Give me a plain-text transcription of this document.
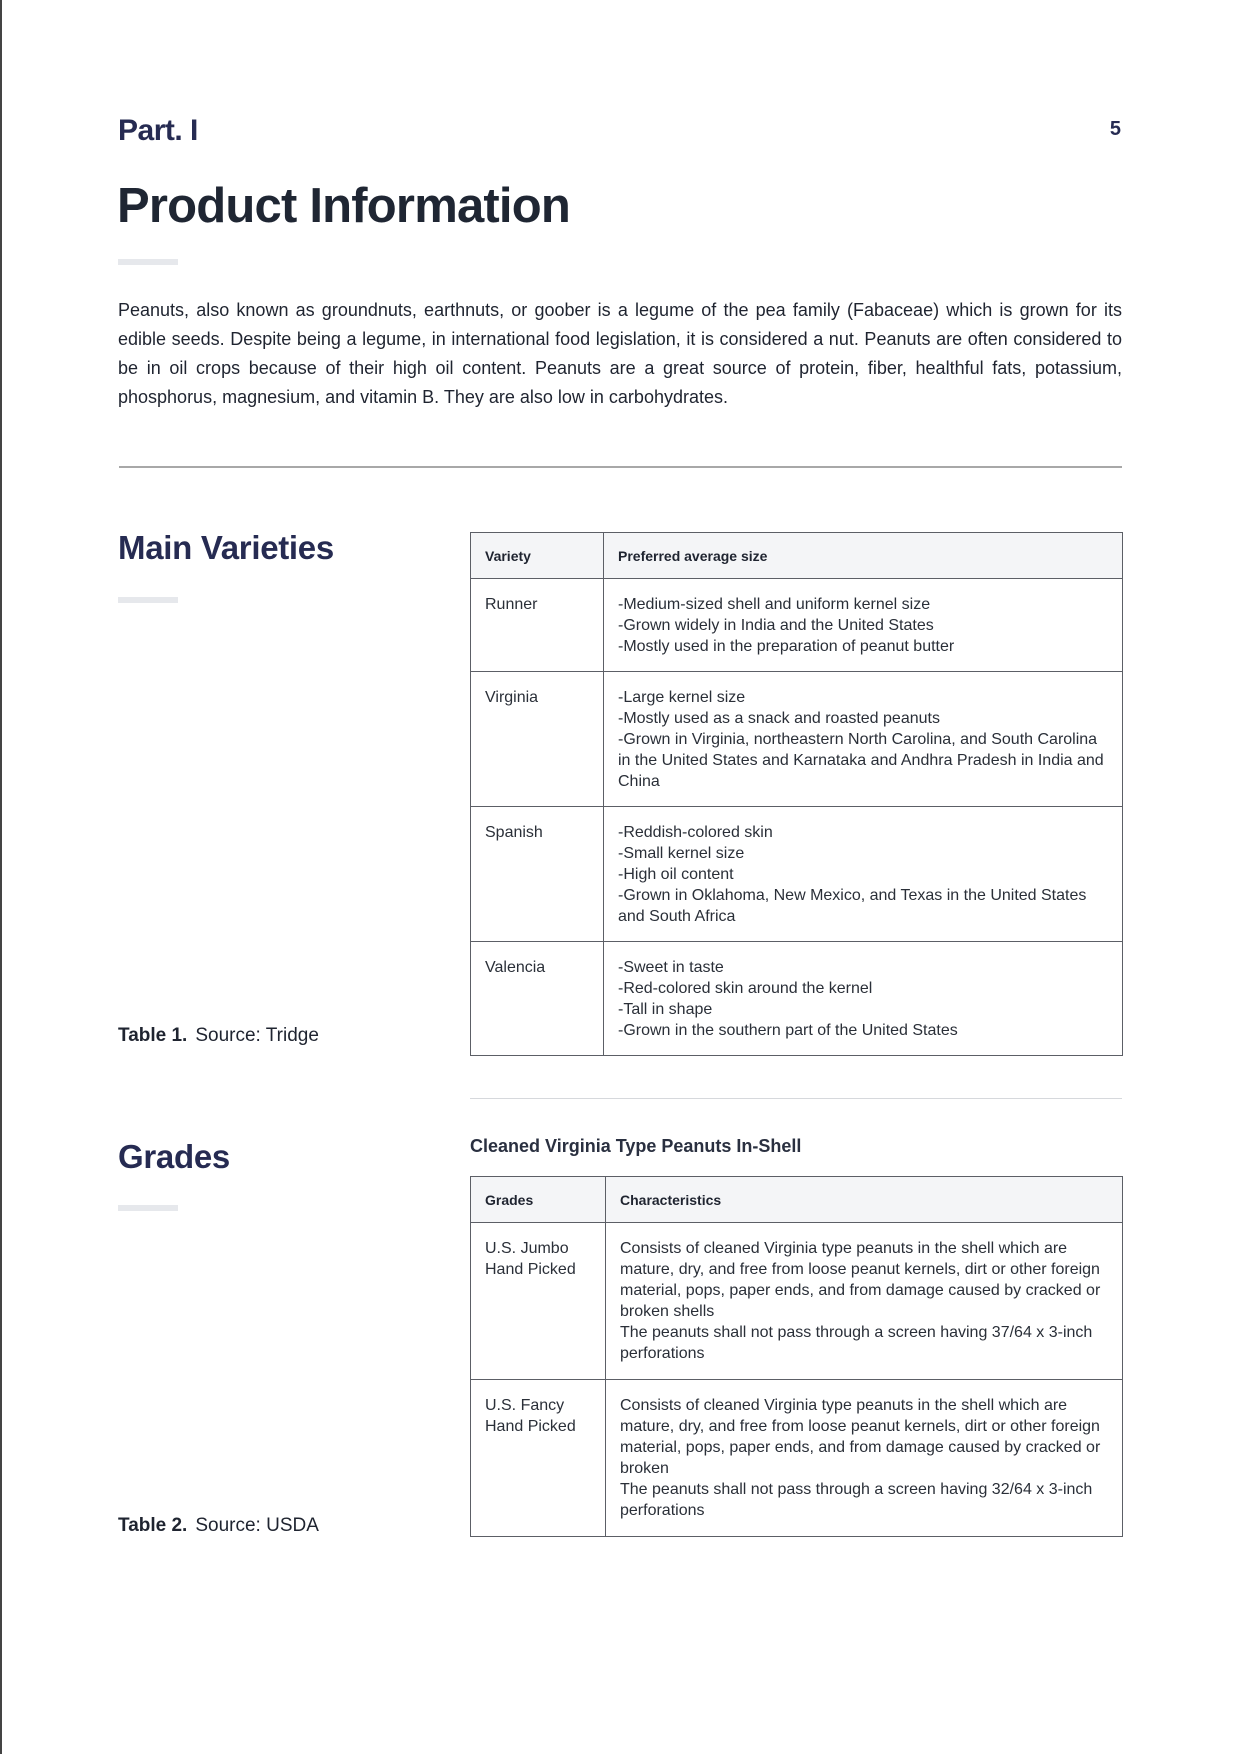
Part. I	5
Product Information

Peanuts, also known as groundnuts, earthnuts, or goober is a legume of the pea family (Fabaceae) which is grown for its edible seeds. Despite being a legume, in international food legislation, it is considered a nut. Peanuts are often considered to be in oil crops because of their high oil content. Peanuts are a great source of protein, fiber, healthful fats, potassium, phosphorus, magnesium, and vitamin B. They are also low in carbohydrates.

Main Varieties
Table 1. Source: Tridge
Variety	Preferred average size
Runner	-Medium-sized shell and uniform kernel size
-Grown widely in India and the United States
-Mostly used in the preparation of peanut butter

Virginia	-Large kernel size
-Mostly used as a snack and roasted peanuts
-Grown in Virginia, northeastern North Carolina, and South Carolina in the United States and Karnataka and Andhra Pradesh in India and China

Spanish	-Reddish-colored skin
-Small kernel size
-High oil content
-Grown in Oklahoma, New Mexico, and Texas in the United States and South Africa

Valencia	-Sweet in taste
-Red-colored skin around the kernel
-Tall in shape
-Grown in the southern part of the United States
Grades	Cleaned Virginia Type Peanuts In-Shell
Table 2. Source: USDA
Grades	Characteristics
U.S. Jumbo Hand Picked	Consists of cleaned Virginia type peanuts in the shell which are mature, dry, and free from loose peanut kernels, dirt or other foreign material, pops, paper ends, and from damage caused by cracked or broken shells
The peanuts shall not pass through a screen having 37/64 x 3-inch perforations

U.S. Fancy Hand Picked	Consists of cleaned Virginia type peanuts in the shell which are mature, dry, and free from loose peanut kernels, dirt or other foreign material, pops, paper ends, and from damage caused by cracked or broken
The peanuts shall not pass through a screen having 32/64 x 3-inch perforations
